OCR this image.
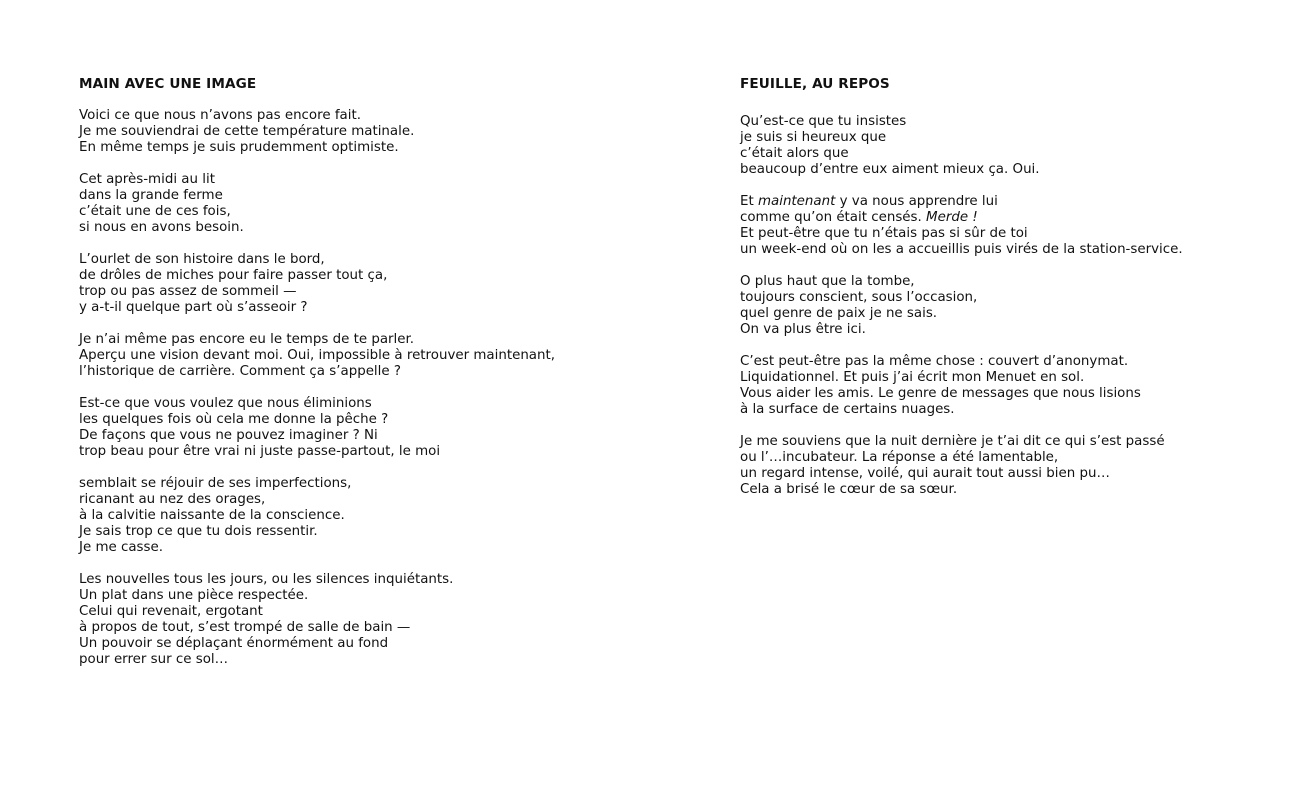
MAIN AVEC UNE IMAGE
Voici ce que nous n’avons pas encore fait.
Je me souviendrai de cette température matinale.
En même temps je suis prudemment optimiste.
Cet après-midi au lit
dans la grande ferme
c’était une de ces fois,
si nous en avons besoin.
L’ourlet de son histoire dans le bord,
de drôles de miches pour faire passer tout ça,
trop ou pas assez de sommeil —
y a-t-il quelque part où s’asseoir ?
Je n’ai même pas encore eu le temps de te parler.
Aperçu une vision devant moi. Oui, impossible à retrouver maintenant,
l’historique de carrière. Comment ça s’appelle ?
Est-ce que vous voulez que nous éliminions
les quelques fois où cela me donne la pêche ?
De façons que vous ne pouvez imaginer ? Ni
trop beau pour être vrai ni juste passe-partout, le moi
semblait se réjouir de ses imperfections,
ricanant au nez des orages,
à la calvitie naissante de la conscience.
Je sais trop ce que tu dois ressentir.
Je me casse.
Les nouvelles tous les jours, ou les silences inquiétants.
Un plat dans une pièce respectée.
Celui qui revenait, ergotant
à propos de tout, s’est trompé de salle de bain —
Un pouvoir se déplaçant énormément au fond
pour errer sur ce sol…
FEUILLE, AU REPOS
Qu’est-ce que tu insistes
je suis si heureux que
c’était alors que
beaucoup d’entre eux aiment mieux ça. Oui.
Et maintenant y va nous apprendre lui
comme qu’on était censés. Merde !
Et peut-être que tu n’étais pas si sûr de toi
un week-end où on les a accueillis puis virés de la station-service.
O plus haut que la tombe,
toujours conscient, sous l’occasion,
quel genre de paix je ne sais.
On va plus être ici.
C’est peut-être pas la même chose : couvert d’anonymat.
Liquidationnel. Et puis j’ai écrit mon Menuet en sol.
Vous aider les amis. Le genre de messages que nous lisions
à la surface de certains nuages.
Je me souviens que la nuit dernière je t’ai dit ce qui s’est passé
ou l’…incubateur. La réponse a été lamentable,
un regard intense, voilé, qui aurait tout aussi bien pu…
Cela a brisé le cœur de sa sœur.
